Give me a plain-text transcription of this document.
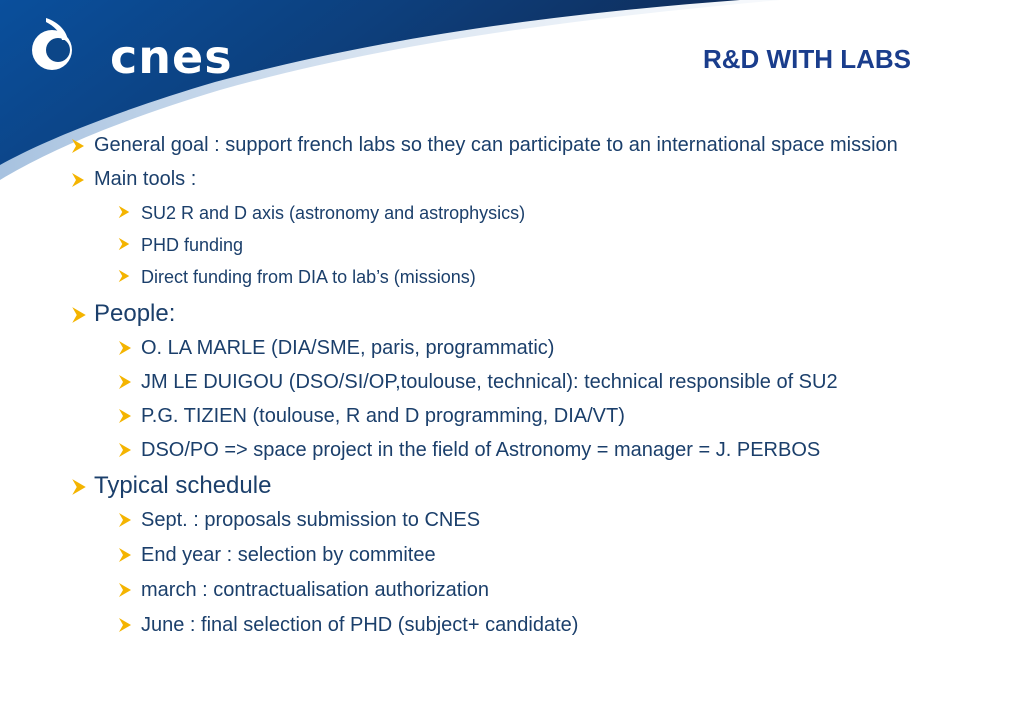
cnes	R&D WITH LABS
General goal : support french labs so they can participate to an international space mission
Main tools :
SU2 R and D axis (astronomy and astrophysics)
PHD funding
Direct funding from DIA to lab’s (missions)
People:
O. LA MARLE (DIA/SME, paris, programmatic)
JM LE DUIGOU (DSO/SI/OP,toulouse, technical): technical responsible of SU2
P.G. TIZIEN (toulouse, R and D programming, DIA/VT)
DSO/PO => space project in the field of Astronomy = manager = J. PERBOS
Typical schedule
Sept. : proposals submission to CNES
End year : selection by commitee
march : contractualisation authorization
June : final selection of PHD (subject+ candidate)
